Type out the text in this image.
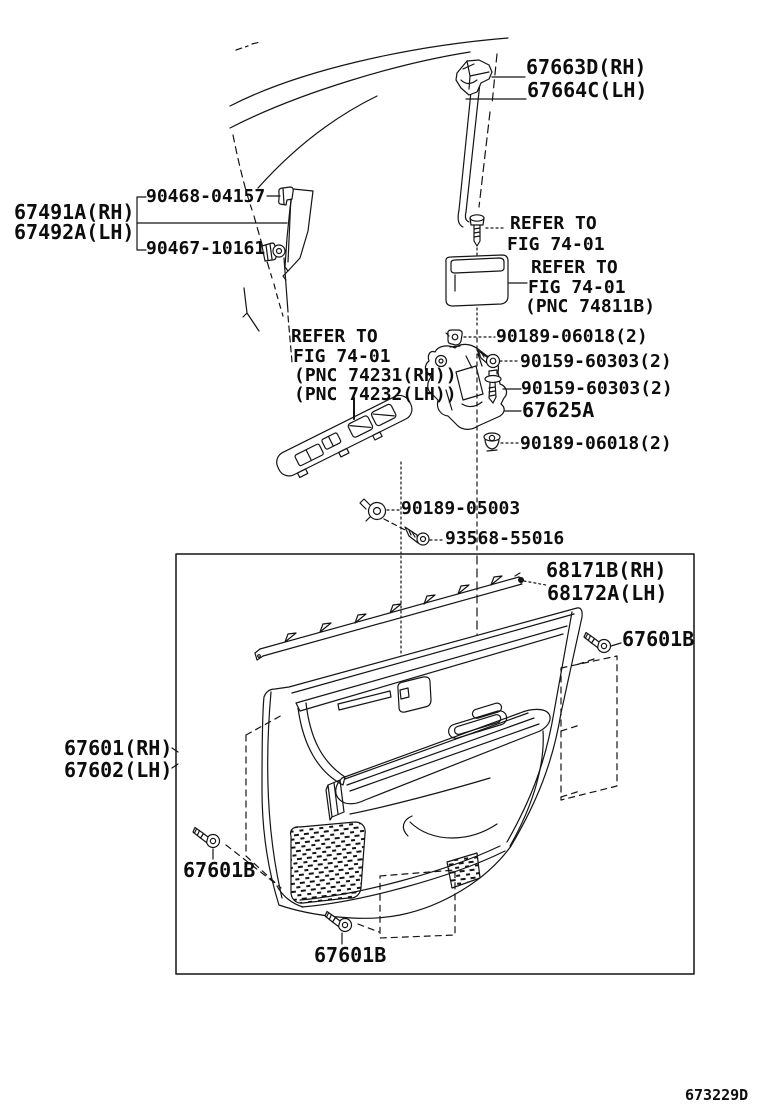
67663D(RH)
67664C(LH)
90468-04157
67491A(RH)
67492A(LH)
90467-10161
REFER TO
FIG 74-01
REFER TO
FIG 74-01
(PNC 74811B)
REFER TO
FIG 74-01
(PNC 74231(RH))
(PNC 74232(LH))
90189-06018(2)
90159-60303(2)
90159-60303(2)
67625A
90189-06018(2)
90189-05003
93568-55016
68171B(RH)
68172A(LH)
67601B
67601(RH)
67602(LH)
67601B
67601B
673229D
